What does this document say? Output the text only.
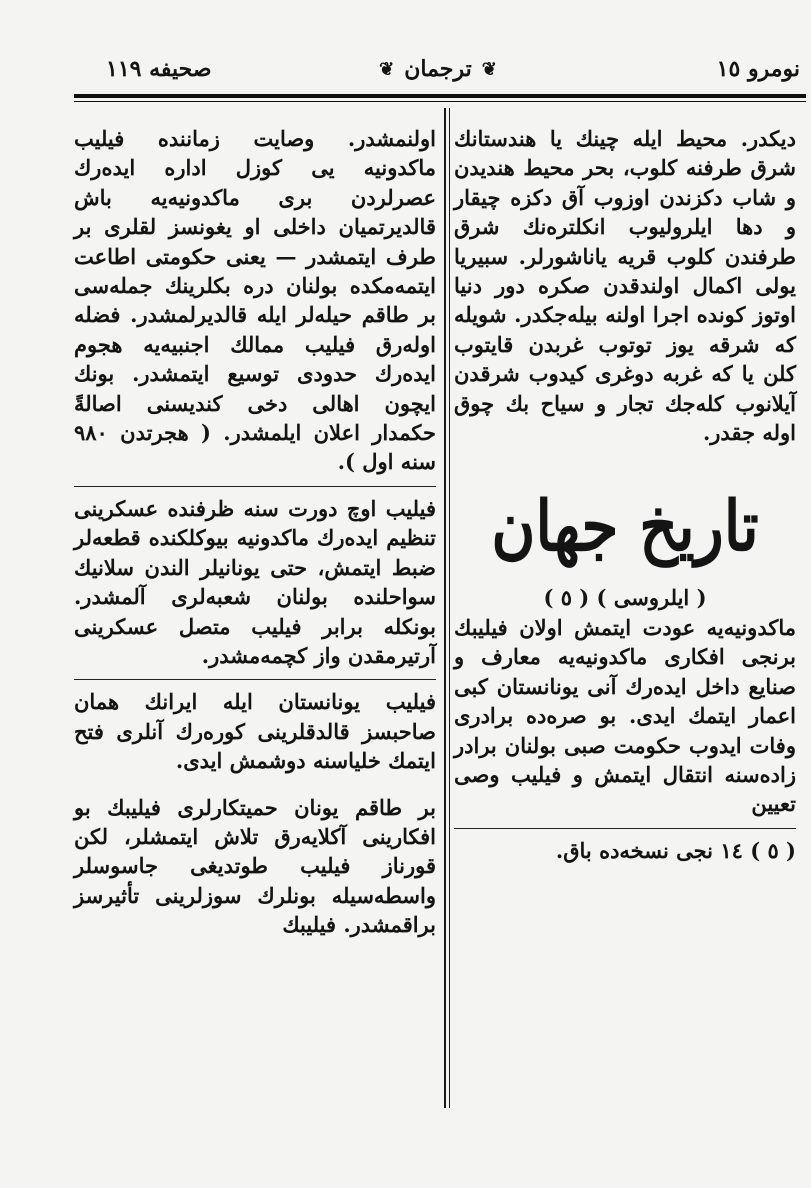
نومرو ١٥
❦
ترجمان
❦
صحیفه ١١٩

دیکدر. محیط ایله چینك یا هندستانك شرق طرفنه کلوب، بحر محیط هندیدن و شاب دکزندن اوزوب آق دکزه چیقار و دها ایلرولیوب انکلتره‌نك شرق طرفندن کلوب قریه یاناشورلر. سبیریا یولی اکمال اولندقدن صکره دور دنیا اوتوز کونده اجرا اولنه بیله‌جکدر. شویله که شرقه یوز توتوب غربدن قایتوب کلن یا که غربه دوغری کیدوب شرقدن آیلانوب کله‌جك تجار و سیاح بك چوق اوله جقدر.

تاریخ جهان

( ایلروسی ) ( ٥ )

ماکدونیه‌یه عودت ایتمش اولان فیلیبك برنجی افکاری ماکدونیه‌یه معارف و صنایع داخل ایده‌رك آنی یونانستان کبی اعمار ایتمك ایدی. بو صره‌ده برادری وفات ایدوب حکومت صبی بولنان برادر زاده‌سنه انتقال ایتمش و فیلیب وصی تعیین

( ٥ ) ١٤ نجی نسخه‌ده باق.

اولنمشدر. وصایت زماننده فیلیب ماکدونیه یی کوزل اداره ایده‌رك عصرلردن بری ماکدونیه‌یه باش قالدیرتمیان داخلی او یغونسز لقلری بر طرف ایتمشدر — یعنی حکومتی اطاعت ایتمه‌مکده بولنان دره بکلرینك جمله‌سی بر طاقم حیله‌لر ایله قالدیرلمشدر. فضله اوله‌رق فیلیب ممالك اجنبیه‌یه هجوم ایده‌رك حدودی توسیع ایتمشدر. بونك ایچون اهالی دخی کندیسنی اصالةً حکمدار اعلان ایلمشدر. ( هجرتدن ٩٨٠ سنه اول ).

فیلیب اوچ دورت سنه ظرفنده عسکرینی تنظیم ایده‌رك ماکدونیه بیوکلکنده قطعه‌لر ضبط ایتمش، حتی یونانیلر الندن سلانیك سواحلنده بولنان شعبه‌لری آلمشدر. بونکله برابر فیلیب متصل عسکرینی آرتیرمقدن واز کچمه‌مشدر.

فیلیب یونانستان ایله ایرانك همان صاحبسز قالدقلرینی کوره‌رك آنلری فتح ایتمك خلیاسنه دوشمش ایدی.

بر طاقم یونان حمیتکارلری فیلیبك بو افکارینی آکلایه‌رق تلاش ایتمشلر، لکن قورناز فیلیب طوتدیغی جاسوسلر واسطه‌سیله بونلرك سوزلرینی تأثیرسز براقمشدر. فیلیبك
